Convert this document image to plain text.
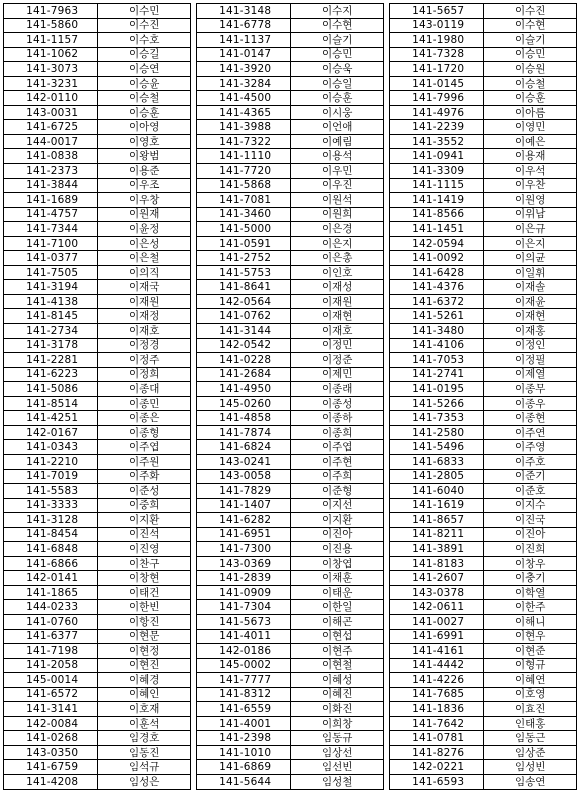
141-7963	이수민		141-3148	이수지		141-5657	이수진
141-5860	이수진		141-6778	이수현		143-0119	이수현
141-1157	이수호		141-1137	이슬기		141-1980	이슬기
141-1062	이승길		141-0147	이승민		141-7328	이승민
141-3073	이승연		141-3920	이승욱		141-1720	이승원
141-3231	이승윤		141-3284	이승일		141-0145	이승철
142-0110	이승철		141-4500	이승훈		141-7996	이승훈
143-0031	이승훈		141-4365	이시웅		141-4976	이아름
141-6725	이아영		141-3988	이언애		141-2239	이영민
144-0017	이영호		141-7322	이예림		141-3552	이예은
141-0838	이왕범		141-1110	이용석		141-0941	이용재
141-2373	이용준		141-7720	이우민		141-3309	이우석
141-3844	이우조		141-5868	이우진		141-1115	이우찬
141-1689	이우창		141-7081	이원석		141-1419	이원영
141-4757	이원재		141-3460	이원희		141-8566	이위남
141-7344	이윤정		141-5000	이은경		141-1451	이은규
141-7100	이은성		141-0591	이은지		142-0594	이은지
141-0377	이은철		141-2752	이은총		141-0092	이의균
141-7505	이의직		141-5753	이인호		141-6428	이일휘
141-3194	이재국		141-8641	이재성		141-4376	이재솔
141-4138	이재원		142-0564	이재원		141-6372	이재윤
141-8145	이재정		141-0762	이재현		141-5261	이재현
141-2734	이재호		141-3144	이재호		141-3480	이재홍
141-3178	이정경		142-0542	이정민		141-4106	이정인
141-2281	이정주		141-0228	이정준		141-7053	이정필
141-6223	이정희		141-2684	이제민		141-2741	이제열
141-5086	이종대		141-4950	이종래		141-0195	이종무
141-8514	이종민		145-0260	이종성		141-5266	이종우
141-4251	이종은		141-4858	이종하		141-7353	이종현
142-0167	이종형		141-7874	이종희		141-2580	이주연
141-0343	이주엽		141-6824	이주엽		141-5496	이주영
141-2210	이주원		143-0241	이주현		141-6833	이주호
141-7019	이주화		143-0058	이주희		141-2805	이준기
141-5583	이준성		141-7829	이준형		141-6040	이준호
141-3333	이중희		141-1407	이지선		141-1619	이지수
141-3128	이지환		141-6282	이지환		141-8657	이진국
141-8454	이진석		141-6951	이진아		141-8211	이진아
141-6848	이진영		141-7300	이진용		141-3891	이진희
141-6866	이찬구		143-0369	이창엽		141-8183	이창우
142-0141	이창현		141-2839	이채훈		141-2607	이충기
141-1865	이태건		141-0909	이태운		143-0378	이학열
144-0233	이한빈		141-7304	이한일		142-0611	이한주
141-0760	이항진		141-5673	이해곤		141-0027	이해니
141-6377	이현문		141-4011	이현섭		141-6991	이현우
141-7198	이현정		142-0186	이현주		141-4161	이현준
141-2058	이현진		145-0002	이현철		141-4442	이형규
145-0014	이혜경		141-7777	이혜성		141-4226	이혜연
141-6572	이혜인		141-8312	이혜진		141-7685	이호영
141-3141	이호재		141-6559	이화진		141-1836	이효진
142-0084	이훈석		141-4001	이희창		141-7642	인태홍
141-0268	임경호		141-2398	임동규		141-0781	임동근
143-0350	임동진		141-1010	임상선		141-8276	임상준
141-6759	임석규		141-6869	임선빈		142-0221	임성빈
141-4208	임성은		141-5644	임성철		141-6593	임송연
